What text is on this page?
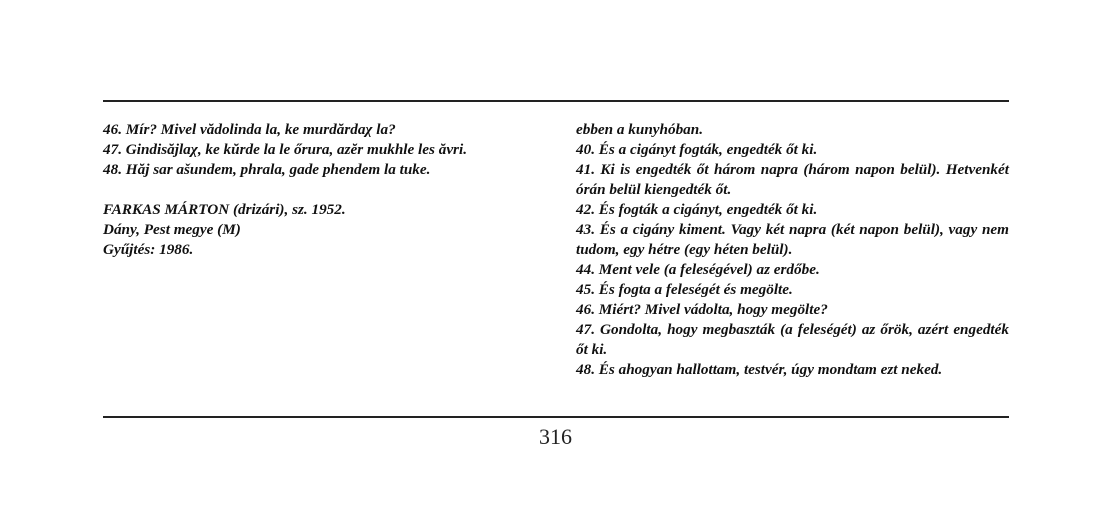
46. Mír? Mivel vădolinda la, ke murdărdaχ la?
47. Gindisăjlaχ, ke kŭrde la le őrura, azĕr mukhle les ăvri.
48. Hăj sar ašundem, phrala, gade phendem la tuke.
FARKAS MÁRTON (drizári), sz. 1952.
Dány, Pest megye (M)
Gyűjtés: 1986.
ebben a kunyhóban.
40. És a cigányt fogták, engedték őt ki.
41. Ki is engedték őt három napra (három napon belül). Hetvenkét órán belül kiengedték őt.
42. És fogták a cigányt, engedték őt ki.
43. És a cigány kiment. Vagy két napra (két napon belül), vagy nem tudom, egy hétre (egy héten belül).
44. Ment vele (a feleségével) az erdőbe.
45. És fogta a feleségét és megölte.
46. Miért? Mivel vádolta, hogy megölte?
47. Gondolta, hogy megbaszták (a feleségét) az őrök, azért engedték őt ki.
48. És ahogyan hallottam, testvér, úgy mondtam ezt neked.
316
